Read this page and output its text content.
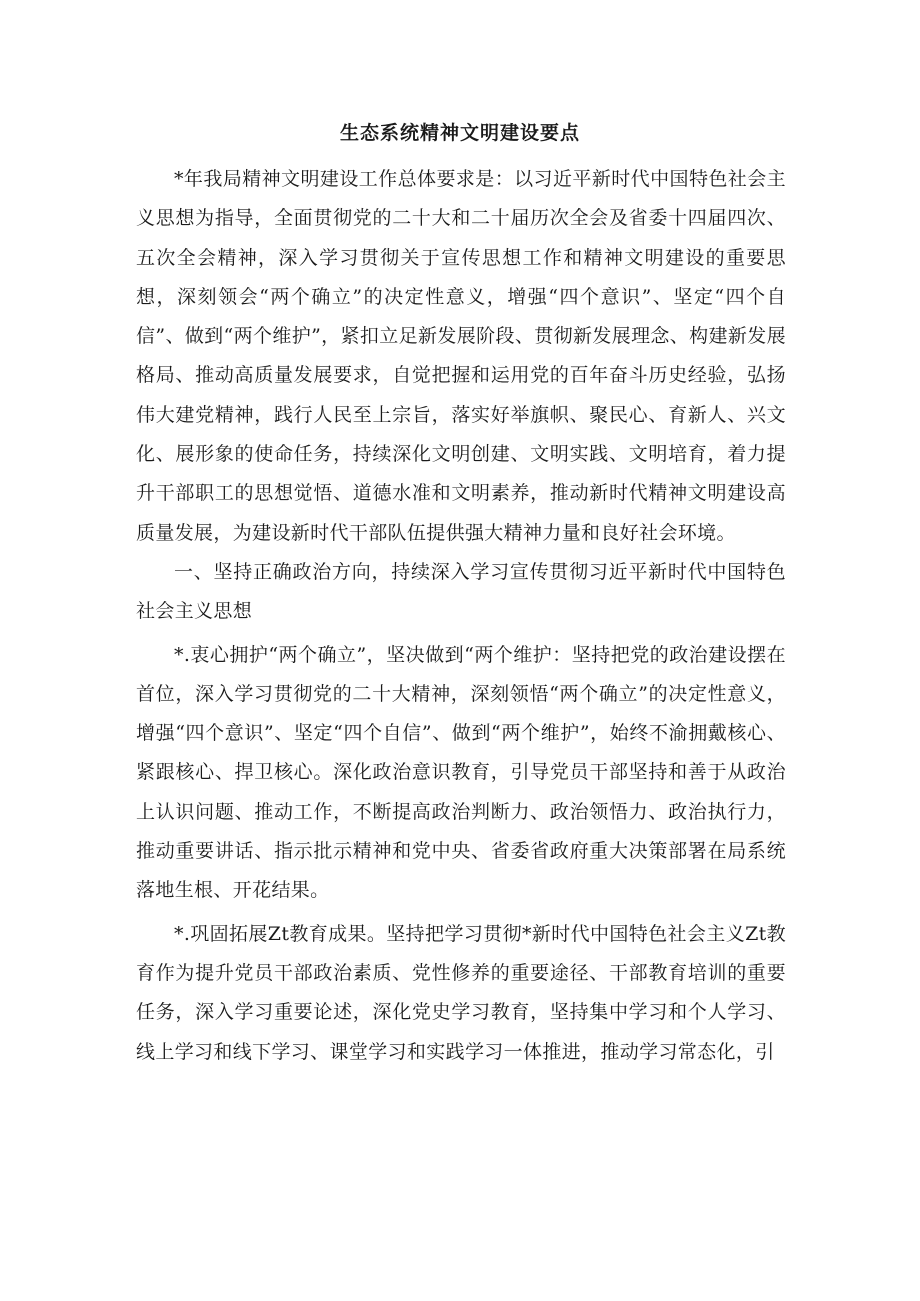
生态系统精神文明建设要点

*年我局精神文明建设工作总体要求是：以习近平新时代中国特色社会主义思想为指导，全面贯彻党的二十大和二十届历次全会及省委十四届四次、五次全会精神，深入学习贯彻关于宣传思想工作和精神文明建设的重要思想，深刻领会“两个确立”的决定性意义，增强“四个意识”、坚定“四个自信”、做到“两个维护”，紧扣立足新发展阶段、贯彻新发展理念、构建新发展格局、推动高质量发展要求，自觉把握和运用党的百年奋斗历史经验，弘扬伟大建党精神，践行人民至上宗旨，落实好举旗帜、聚民心、育新人、兴文化、展形象的使命任务，持续深化文明创建、文明实践、文明培育，着力提升干部职工的思想觉悟、道德水准和文明素养，推动新时代精神文明建设高质量发展，为建设新时代干部队伍提供强大精神力量和良好社会环境。

一、坚持正确政治方向，持续深入学习宣传贯彻习近平新时代中国特色社会主义思想

*.衷心拥护“两个确立”，坚决做到“两个维护：坚持把党的政治建设摆在首位，深入学习贯彻党的二十大精神，深刻领悟“两个确立”的决定性意义，增强“四个意识”、坚定“四个自信”、做到“两个维护”，始终不渝拥戴核心、紧跟核心、捍卫核心。深化政治意识教育，引导党员干部坚持和善于从政治上认识问题、推动工作，不断提高政治判断力、政治领悟力、政治执行力，推动重要讲话、指示批示精神和党中央、省委省政府重大决策部署在局系统落地生根、开花结果。

*.巩固拓展Zt教育成果。坚持把学习贯彻*新时代中国特色社会主义Zt教育作为提升党员干部政治素质、党性修养的重要途径、干部教育培训的重要任务，深入学习重要论述，深化党史学习教育，坚持集中学习和个人学习、线上学习和线下学习、课堂学习和实践学习一体推进，推动学习常态化，引
